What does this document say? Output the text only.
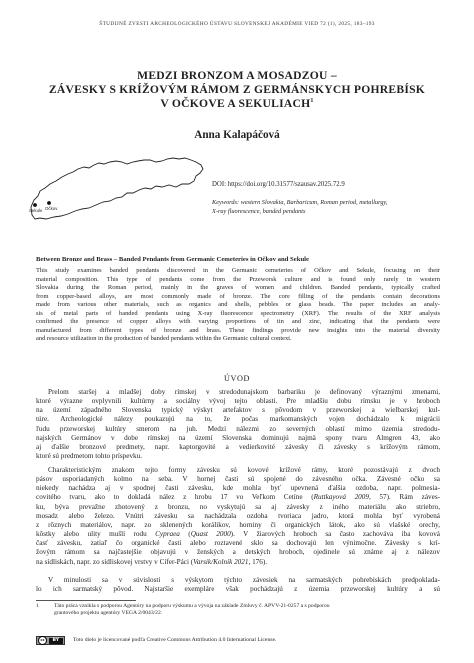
ŠTUDIJNÉ ZVESTI ARCHEOLOGICKÉHO ÚSTAVU SLOVENSKEJ AKADÉMIE VIED 72 (1), 2025, 183–193
MEDZI BRONZOM A MOSADZOU –
ZÁVESKY S KRÍŽOVÝM RÁMOM Z GERMÁNSKYCH POHREBÍSK
V OČKOVE A SEKULIACH$^1$
Anna Kalapáčová
Sekule Očkov
DOI: https://doi.org/10.31577/szausav.2025.72.9
Keywords: western Slovakia, Barbaricum, Roman period, metallurgy,
X-ray fluorescence, banded pendants
Between Bronze and Brass – Banded Pendants from Germanic Cemeteries in Očkov and Sekule
This study examines banded pendants discovered in the Germanic cemeteries of Očkov and Sekule, focusing on their
material composition. This type of pendants come from the Przeworsk culture and is found only rarely in western
Slovakia during the Roman period, mainly in the graves of women and children. Banded pendants, typically crafted
from copper-based alloys, are most commonly made of bronze. The core filling of the pendants contain decorations
made from various other materials, such as organics and shells, pebbles or glass beads. The paper includes an analy-
sis of metal parts of banded pendants using X-ray fluorescence spectrometry (XRF). The results of the XRF analysis
confirmed the presence of copper alloys with varying proportions of tin and zinc, indicating that the pendants were
manufactured from different types of bronze and brass. These findings provide new insights into the material diversity
and resource utilization in the production of banded pendants within the Germanic cultural context.
ÚVOD
Prelom staršej a mladšej doby rímskej v stredodunajskom barbariku je definovaný výraznými zmenami,
ktoré výrazne ovplyvnili kultúrny a sociálny vývoj tejto oblasti. Pre mladšiu dobu rímsku je v hroboch
na území západného Slovenska typický výskyt artefaktov s pôvodom v przeworskej a wielbarskej kul-
túre. Archeologické nálezy poukazujú na to, že počas markomanských vojen dochádzalo k migrácii
ľudu przeworskej kultúry smerom na juh. Medzi nálezmi zo severných oblastí mimo územia stredodu-
najských Germánov v dobe rímskej na území Slovenska dominujú najmä spony tvaru Almgren 43, ako
aj ďalšie bronzové predmety, napr. kaptorgovité a vedierkovité závesky či závesky s krížovým rámom,
ktoré sú predmetom tohto príspevku.
Charakteristickým znakom tejto formy závesku sú kovové krížové rámy, ktoré pozostávajú z dvoch
pásov usporiadaných kolmo na seba. V hornej časti sú spojené do závesného očka. Závesné očko sa
niekedy nachádza aj v spodnej časti závesku, kde mohla byť upevnená ďalšia ozdoba, napr. polmesia-
covitého tvaru, ako to dokladá nález z hrobu 17 vo Veľkom Cetíne (Ruttkayová 2009, 57). Rám záves-
ku, býva prevažne zhotovený z bronzu, no vyskytujú sa aj závesky z iného materiálu ako striebro,
mosadz alebo železo. Vnútri závesku sa nachádzala ozdoba tvoriaca jadro, ktorá mohla byť vyrobená
z rôznych materiálov, napr. zo sklenených korálikov, horniny či organických látok, ako sú vlašské orechy,
kôstky alebo ulity mušlí rodu Cypraea (Quast 2000). V žiarových hroboch sa často zachováva iba kovová
časť závesku, zatiaľ čo organické časti alebo roztavené sklo sa dochovajú len výnimočne. Závesky s krí-
žovým rámom sa najčastejšie objavujú v ženských a detských hroboch, ojedinele sú známe aj z nálezov
na sídliskách, napr. zo sídliskovej vrstvy v Cífer-Páci (Varsik/Kolník 2021, 176).
V minulosti sa v súvislosti s výskytom týchto závesiek na sarmatských pohrebiskách predpoklada-
lo ich sarmatský pôvod. Najstaršie exempláre však pochádzajú z územia przeworskej kultúry a sú
1	Táto práca vznikla s podporou Agentúry na podporu výskumu a vývoja na základe Zmluvy č. APVV-21-0257 a s podporou
grantového projektu agentúry VEGA 2/0043/22.
cc	BY	Toto dielo je licencované podľa Creative Commons Attribution 4.0 International License.
